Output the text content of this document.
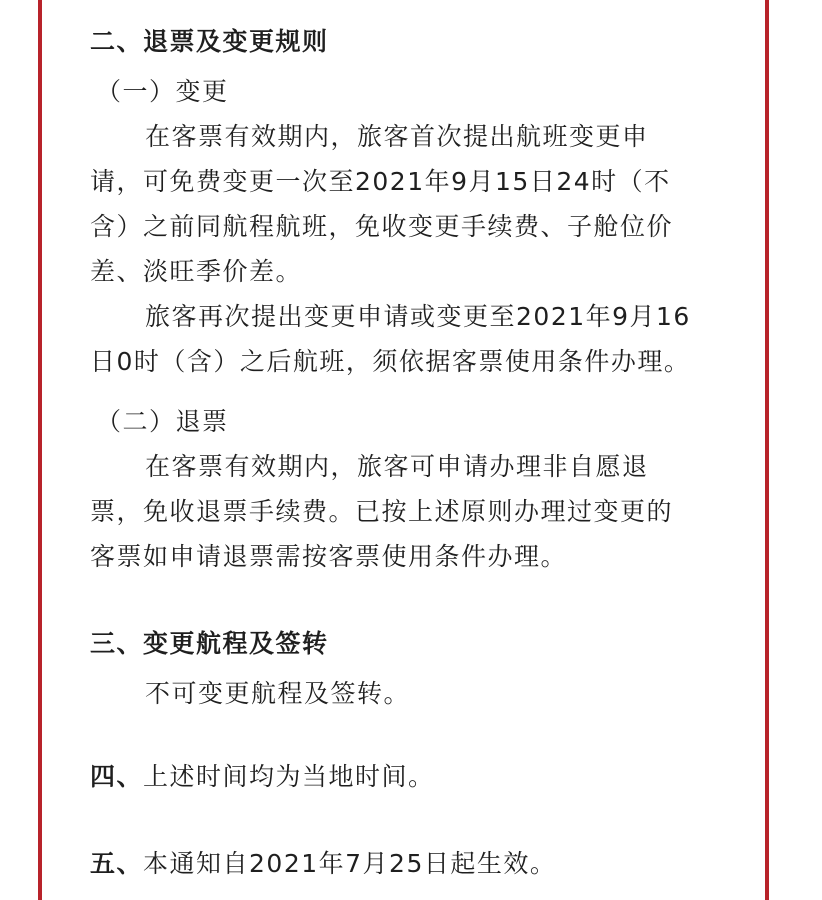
二、退票及变更规则
（一）变更
在客票有效期内，旅客首次提出航班变更申
请，可免费变更一次至2021年9月15日24时（不
含）之前同航程航班，免收变更手续费、子舱位价
差、淡旺季价差。
旅客再次提出变更申请或变更至2021年9月16
日0时（含）之后航班，须依据客票使用条件办理。
（二）退票
在客票有效期内，旅客可申请办理非自愿退
票，免收退票手续费。已按上述原则办理过变更的
客票如申请退票需按客票使用条件办理。
三、变更航程及签转
不可变更航程及签转。
四、上述时间均为当地时间。
五、本通知自2021年7月25日起生效。
